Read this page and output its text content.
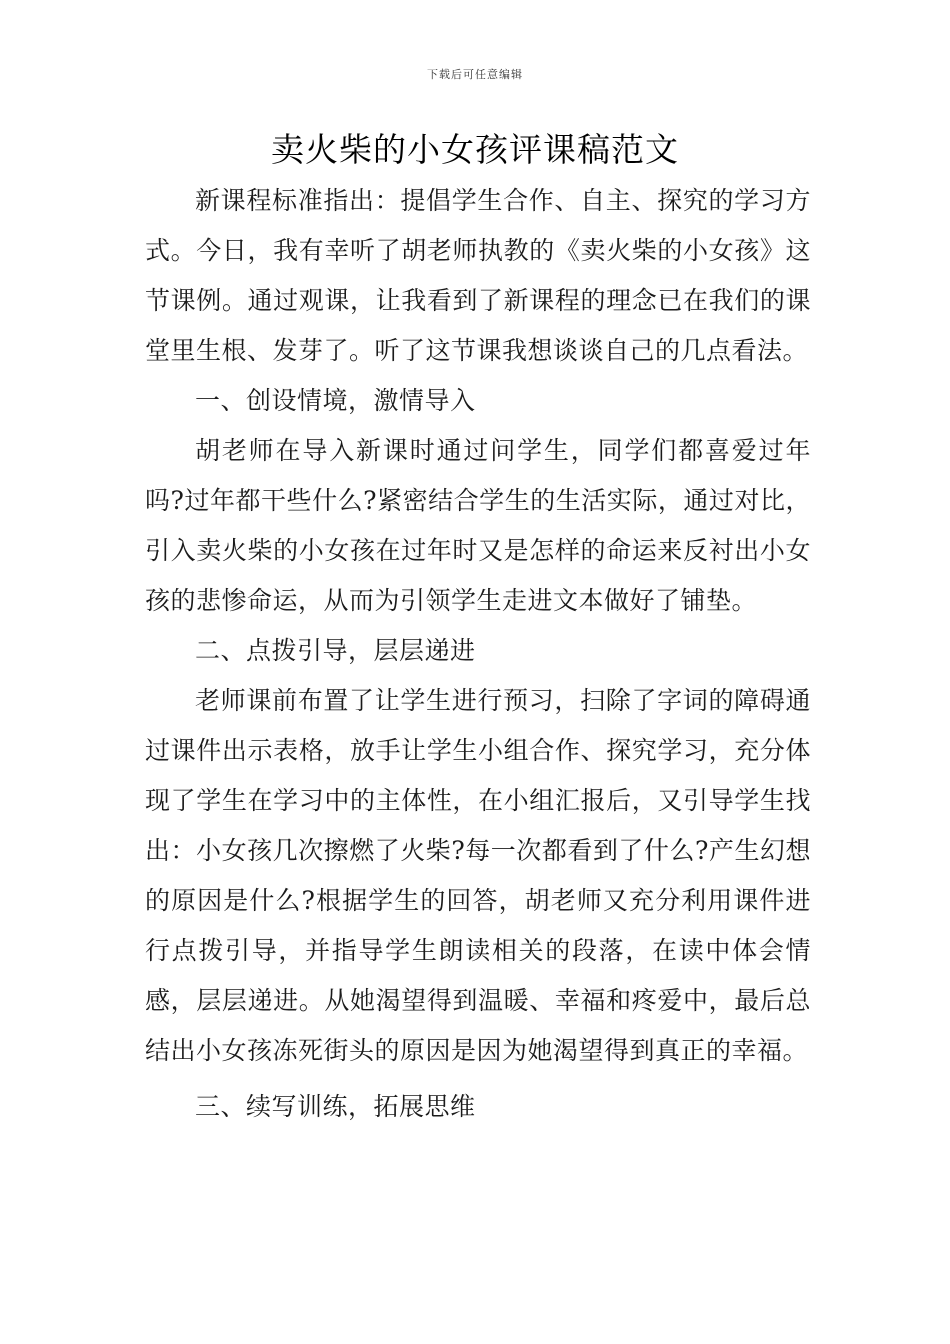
下载后可任意编辑
卖火柴的小女孩评课稿范文

新课程标准指出：提倡学生合作、自主、探究的学习方式。今日，我有幸听了胡老师执教的《卖火柴的小女孩》这节课例。通过观课，让我看到了新课程的理念已在我们的课堂里生根、发芽了。听了这节课我想谈谈自己的几点看法。

一、创设情境，激情导入

胡老师在导入新课时通过问学生，同学们都喜爱过年吗?过年都干些什么?紧密结合学生的生活实际，通过对比，引入卖火柴的小女孩在过年时又是怎样的命运来反衬出小女孩的悲惨命运，从而为引领学生走进文本做好了铺垫。

二、点拨引导，层层递进

老师课前布置了让学生进行预习，扫除了字词的障碍通过课件出示表格，放手让学生小组合作、探究学习，充分体现了学生在学习中的主体性，在小组汇报后，又引导学生找出：小女孩几次擦燃了火柴?每一次都看到了什么?产生幻想的原因是什么?根据学生的回答，胡老师又充分利用课件进行点拨引导，并指导学生朗读相关的段落，在读中体会情感，层层递进。从她渴望得到温暖、幸福和疼爱中，最后总结出小女孩冻死街头的原因是因为她渴望得到真正的幸福。

三、续写训练，拓展思维
